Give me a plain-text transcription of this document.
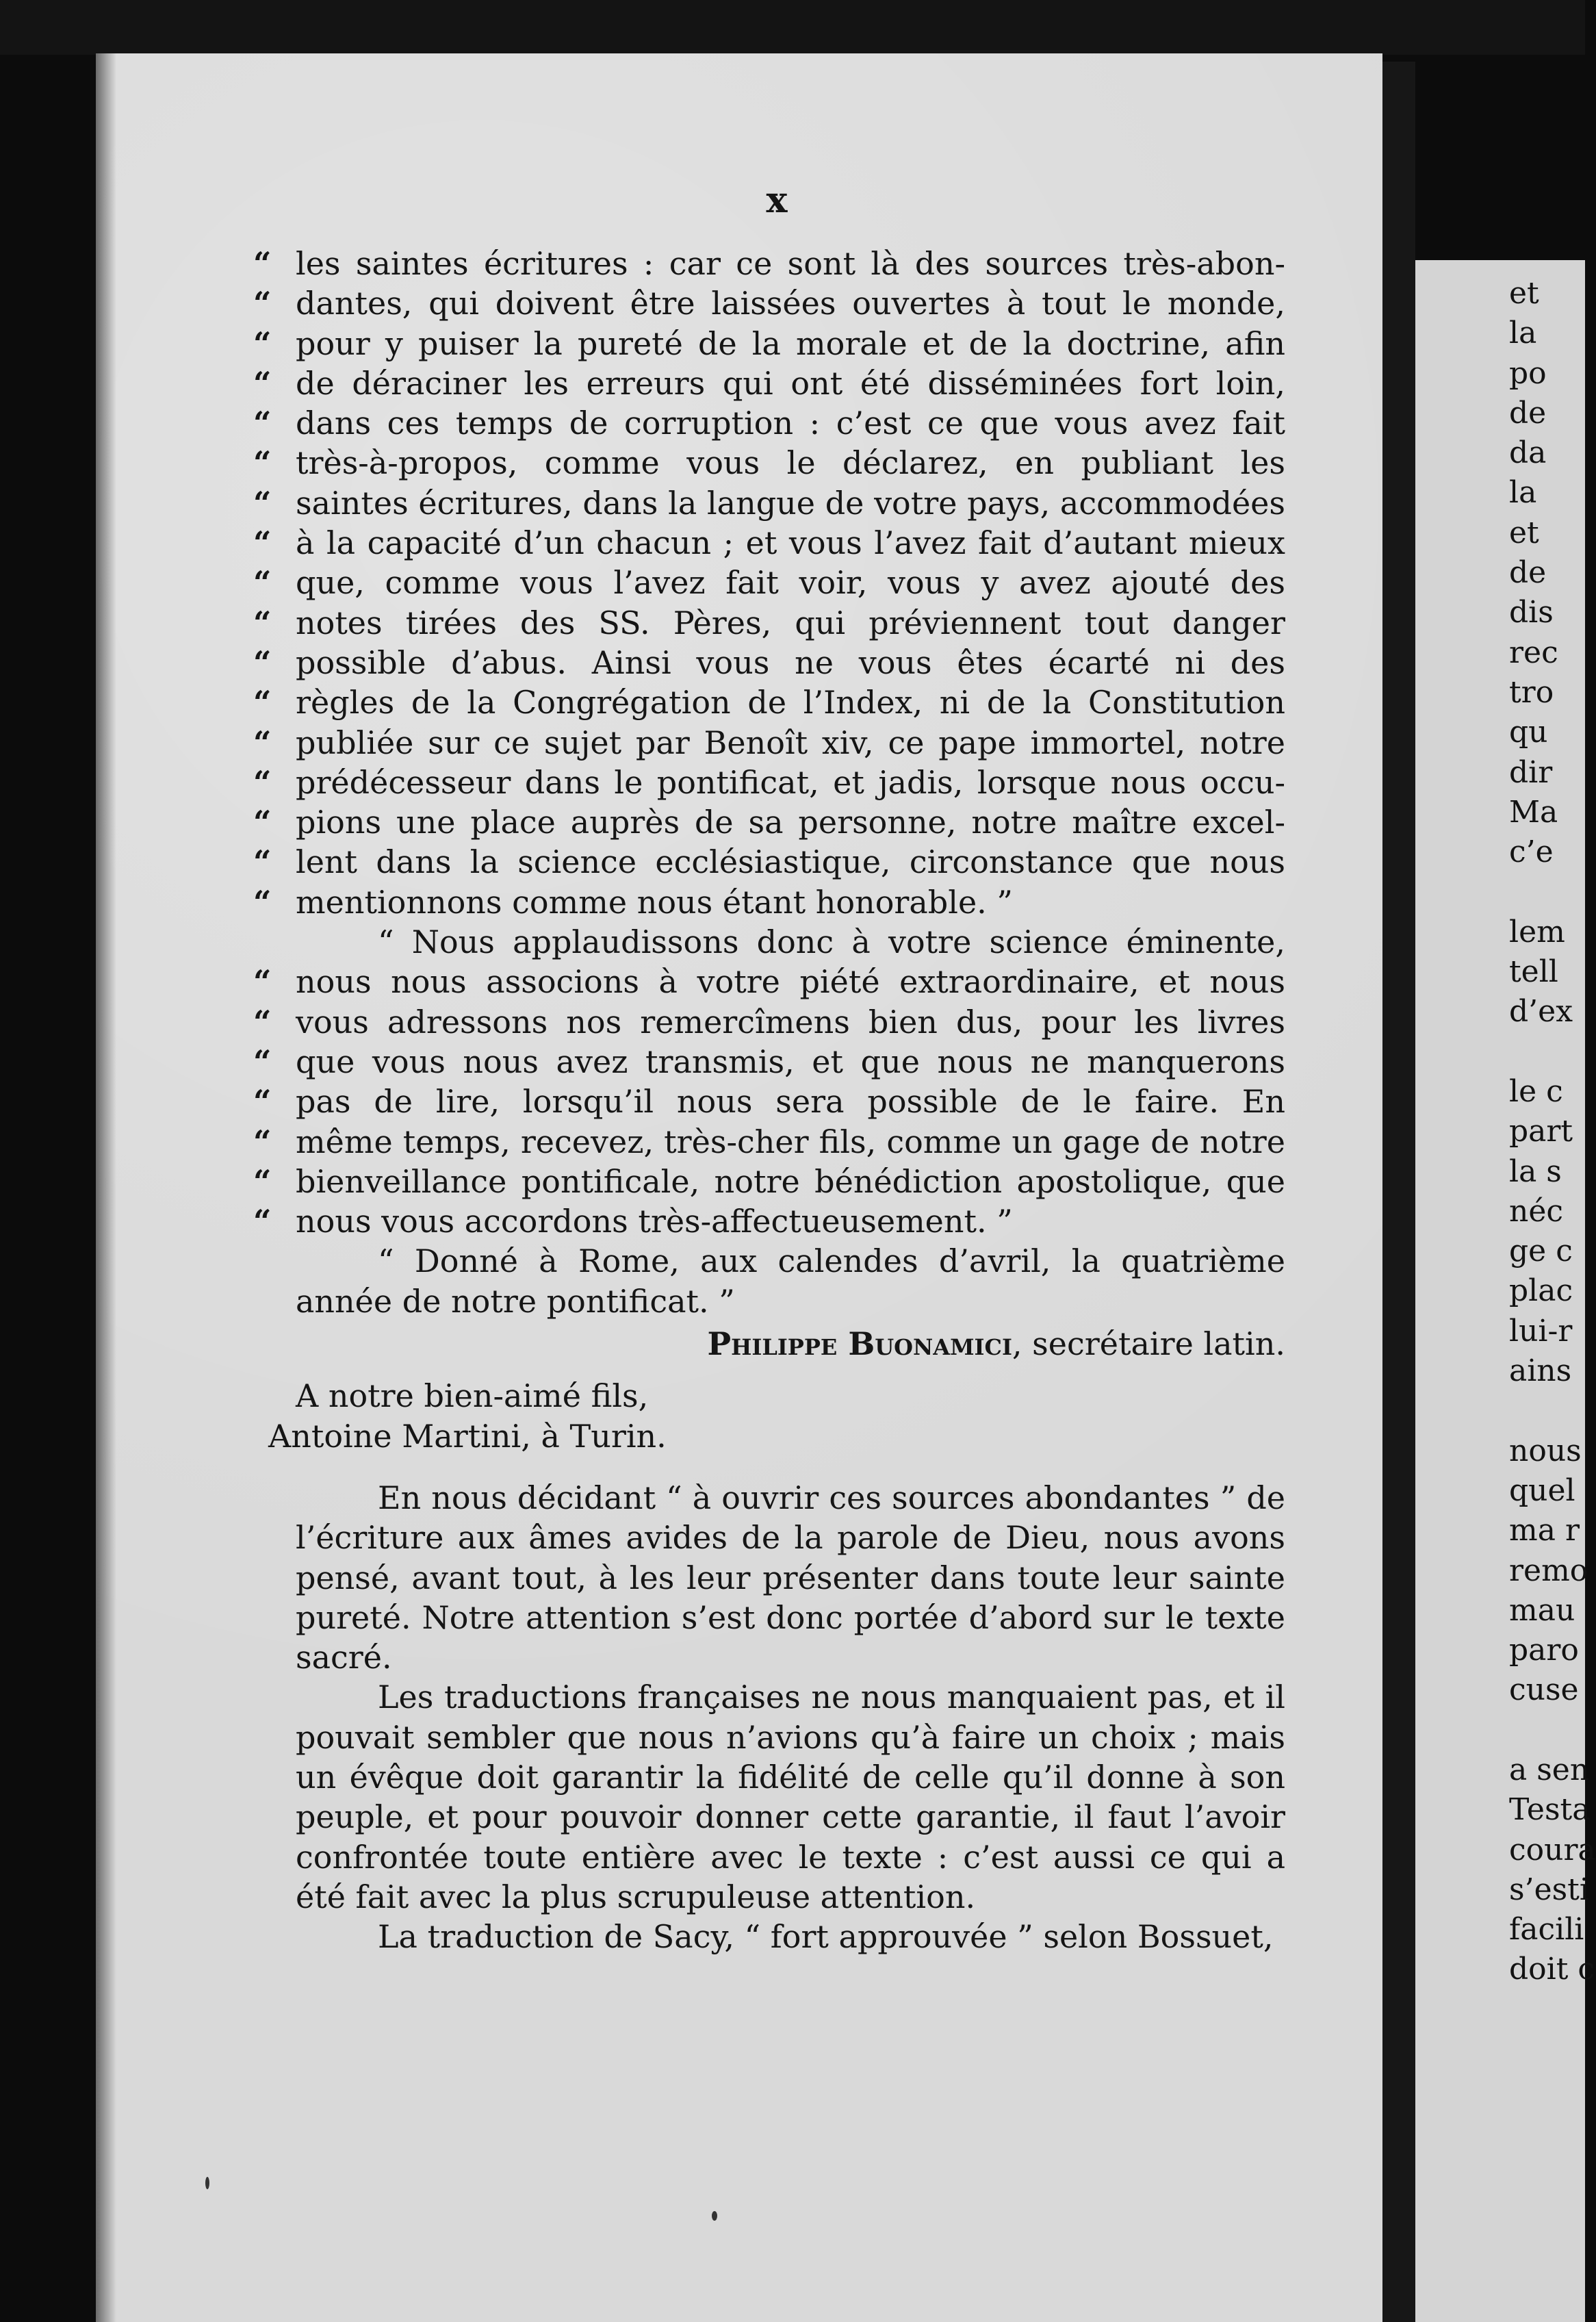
x
“ les saintes écritures : car ce sont là des sources très-abon-
“ dantes, qui doivent être laissées ouvertes à tout le monde,
“ pour y puiser la pureté de la morale et de la doctrine, afin
“ de déraciner les erreurs qui ont été disséminées fort loin,
“ dans ces temps de corruption : c’est ce que vous avez fait
“ très-à-propos, comme vous le déclarez, en publiant les
“ saintes écritures, dans la langue de votre pays, accommodées
“ à la capacité d’un chacun ; et vous l’avez fait d’autant mieux
“ que, comme vous l’avez fait voir, vous y avez ajouté des
“ notes tirées des SS. Pères, qui préviennent tout danger
“ possible d’abus. Ainsi vous ne vous êtes écarté ni des
“ règles de la Congrégation de l’Index, ni de la Constitution
“ publiée sur ce sujet par Benoît xiv, ce pape immortel, notre
“ prédécesseur dans le pontificat, et jadis, lorsque nous occu-
“ pions une place auprès de sa personne, notre maître excel-
“ lent dans la science ecclésiastique, circonstance que nous
“ mentionnons comme nous étant honorable. ”
“ Nous applaudissons donc à votre science éminente,
“ nous nous associons à votre piété extraordinaire, et nous
“ vous adressons nos remercîmens bien dus, pour les livres
“ que vous nous avez transmis, et que nous ne manquerons
“ pas de lire, lorsqu’il nous sera possible de le faire. En
“ même temps, recevez, très-cher fils, comme un gage de notre
“ bienveillance pontificale, notre bénédiction apostolique, que
“ nous vous accordons très-affectueusement. ”
“ Donné à Rome, aux calendes d’avril, la quatrième
année de notre pontificat. ”
Philippe Buonamici, secrétaire latin.
A notre bien-aimé fils,
Antoine Martini, à Turin.
En nous décidant “ à ouvrir ces sources abondantes ” de
l’écriture aux âmes avides de la parole de Dieu, nous avons
pensé, avant tout, à les leur présenter dans toute leur sainte
pureté. Notre attention s’est donc portée d’abord sur le texte
sacré.
Les traductions françaises ne nous manquaient pas, et il
pouvait sembler que nous n’avions qu’à faire un choix ; mais
un évêque doit garantir la fidélité de celle qu’il donne à son
peuple, et pour pouvoir donner cette garantie, il faut l’avoir
confrontée toute entière avec le texte : c’est aussi ce qui a
été fait avec la plus scrupuleuse attention.
La traduction de Sacy, “ fort approuvée ” selon Bossuet,
et
la
po
de
da
la
et
de
dis
rec
tro
qu
dir
Ma
c’e
lem
tell
d’ex
le c
part
la s
néc
ge c
plac
lui-r
ains
nous
quel
ma r
remo
mau
paro
cuse
a sen
Testa
coura
s’esti
facili
doit c
